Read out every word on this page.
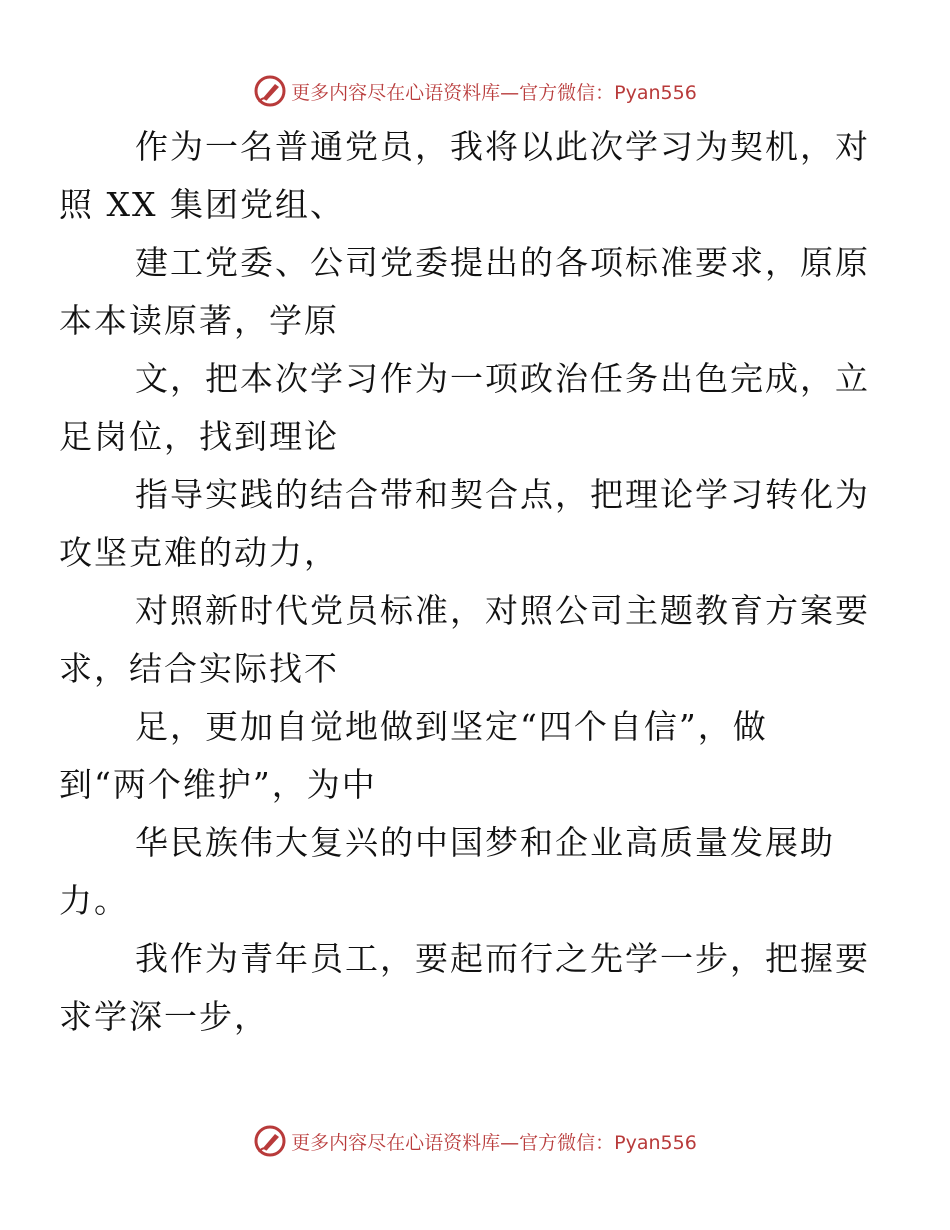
更多内容尽在心语资料库—官方微信：Pyan556

作为一名普通党员，我将以此次学习为契机，对
照 XX 集团党组、

建工党委、公司党委提出的各项标准要求，原原
本本读原著，学原

文，把本次学习作为一项政治任务出色完成，立
足岗位，找到理论

指导实践的结合带和契合点，把理论学习转化为
攻坚克难的动力，

对照新时代党员标准，对照公司主题教育方案要
求，结合实际找不

足，更加自觉地做到坚定“四个自信”，做
到“两个维护”，为中

华民族伟大复兴的中国梦和企业高质量发展助
力。

我作为青年员工，要起而行之先学一步，把握要
求学深一步，

更多内容尽在心语资料库—官方微信：Pyan556
